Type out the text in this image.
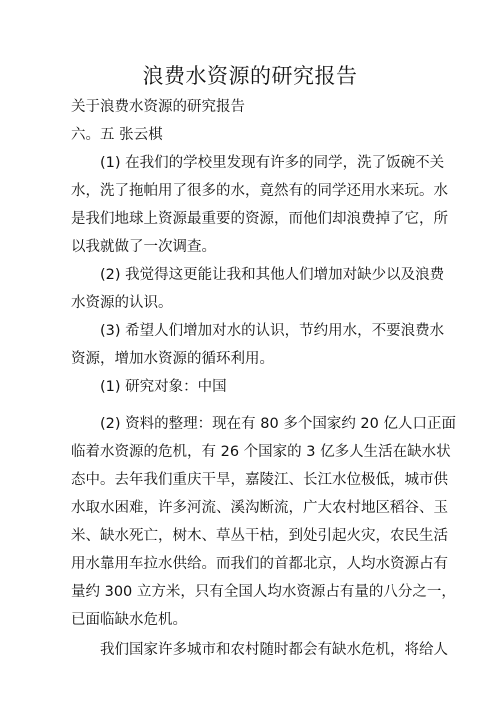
浪费水资源的研究报告
关于浪费水资源的研究报告
六。五 张云棋
(1) 在我们的学校里发现有许多的同学，洗了饭碗不关
水，洗了拖帕用了很多的水，竟然有的同学还用水来玩。水
是我们地球上资源最重要的资源，而他们却浪费掉了它，所
以我就做了一次调查。
(2) 我觉得这更能让我和其他人们增加对缺少以及浪费
水资源的认识。
(3) 希望人们增加对水的认识，节约用水，不要浪费水
资源，增加水资源的循环利用。
(1) 研究对象：中国
(2) 资料的整理：现在有 80 多个国家约 20 亿人口正面
临着水资源的危机，有 26 个国家的 3 亿多人生活在缺水状
态中。去年我们重庆干旱，嘉陵江、长江水位极低，城市供
水取水困难，许多河流、溪沟断流，广大农村地区稻谷、玉
米、缺水死亡，树木、草丛干枯，到处引起火灾，农民生活
用水靠用车拉水供给。而我们的首都北京，人均水资源占有
量约 300 立方米，只有全国人均水资源占有量的八分之一，
已面临缺水危机。
我们国家许多城市和农村随时都会有缺水危机，将给人
